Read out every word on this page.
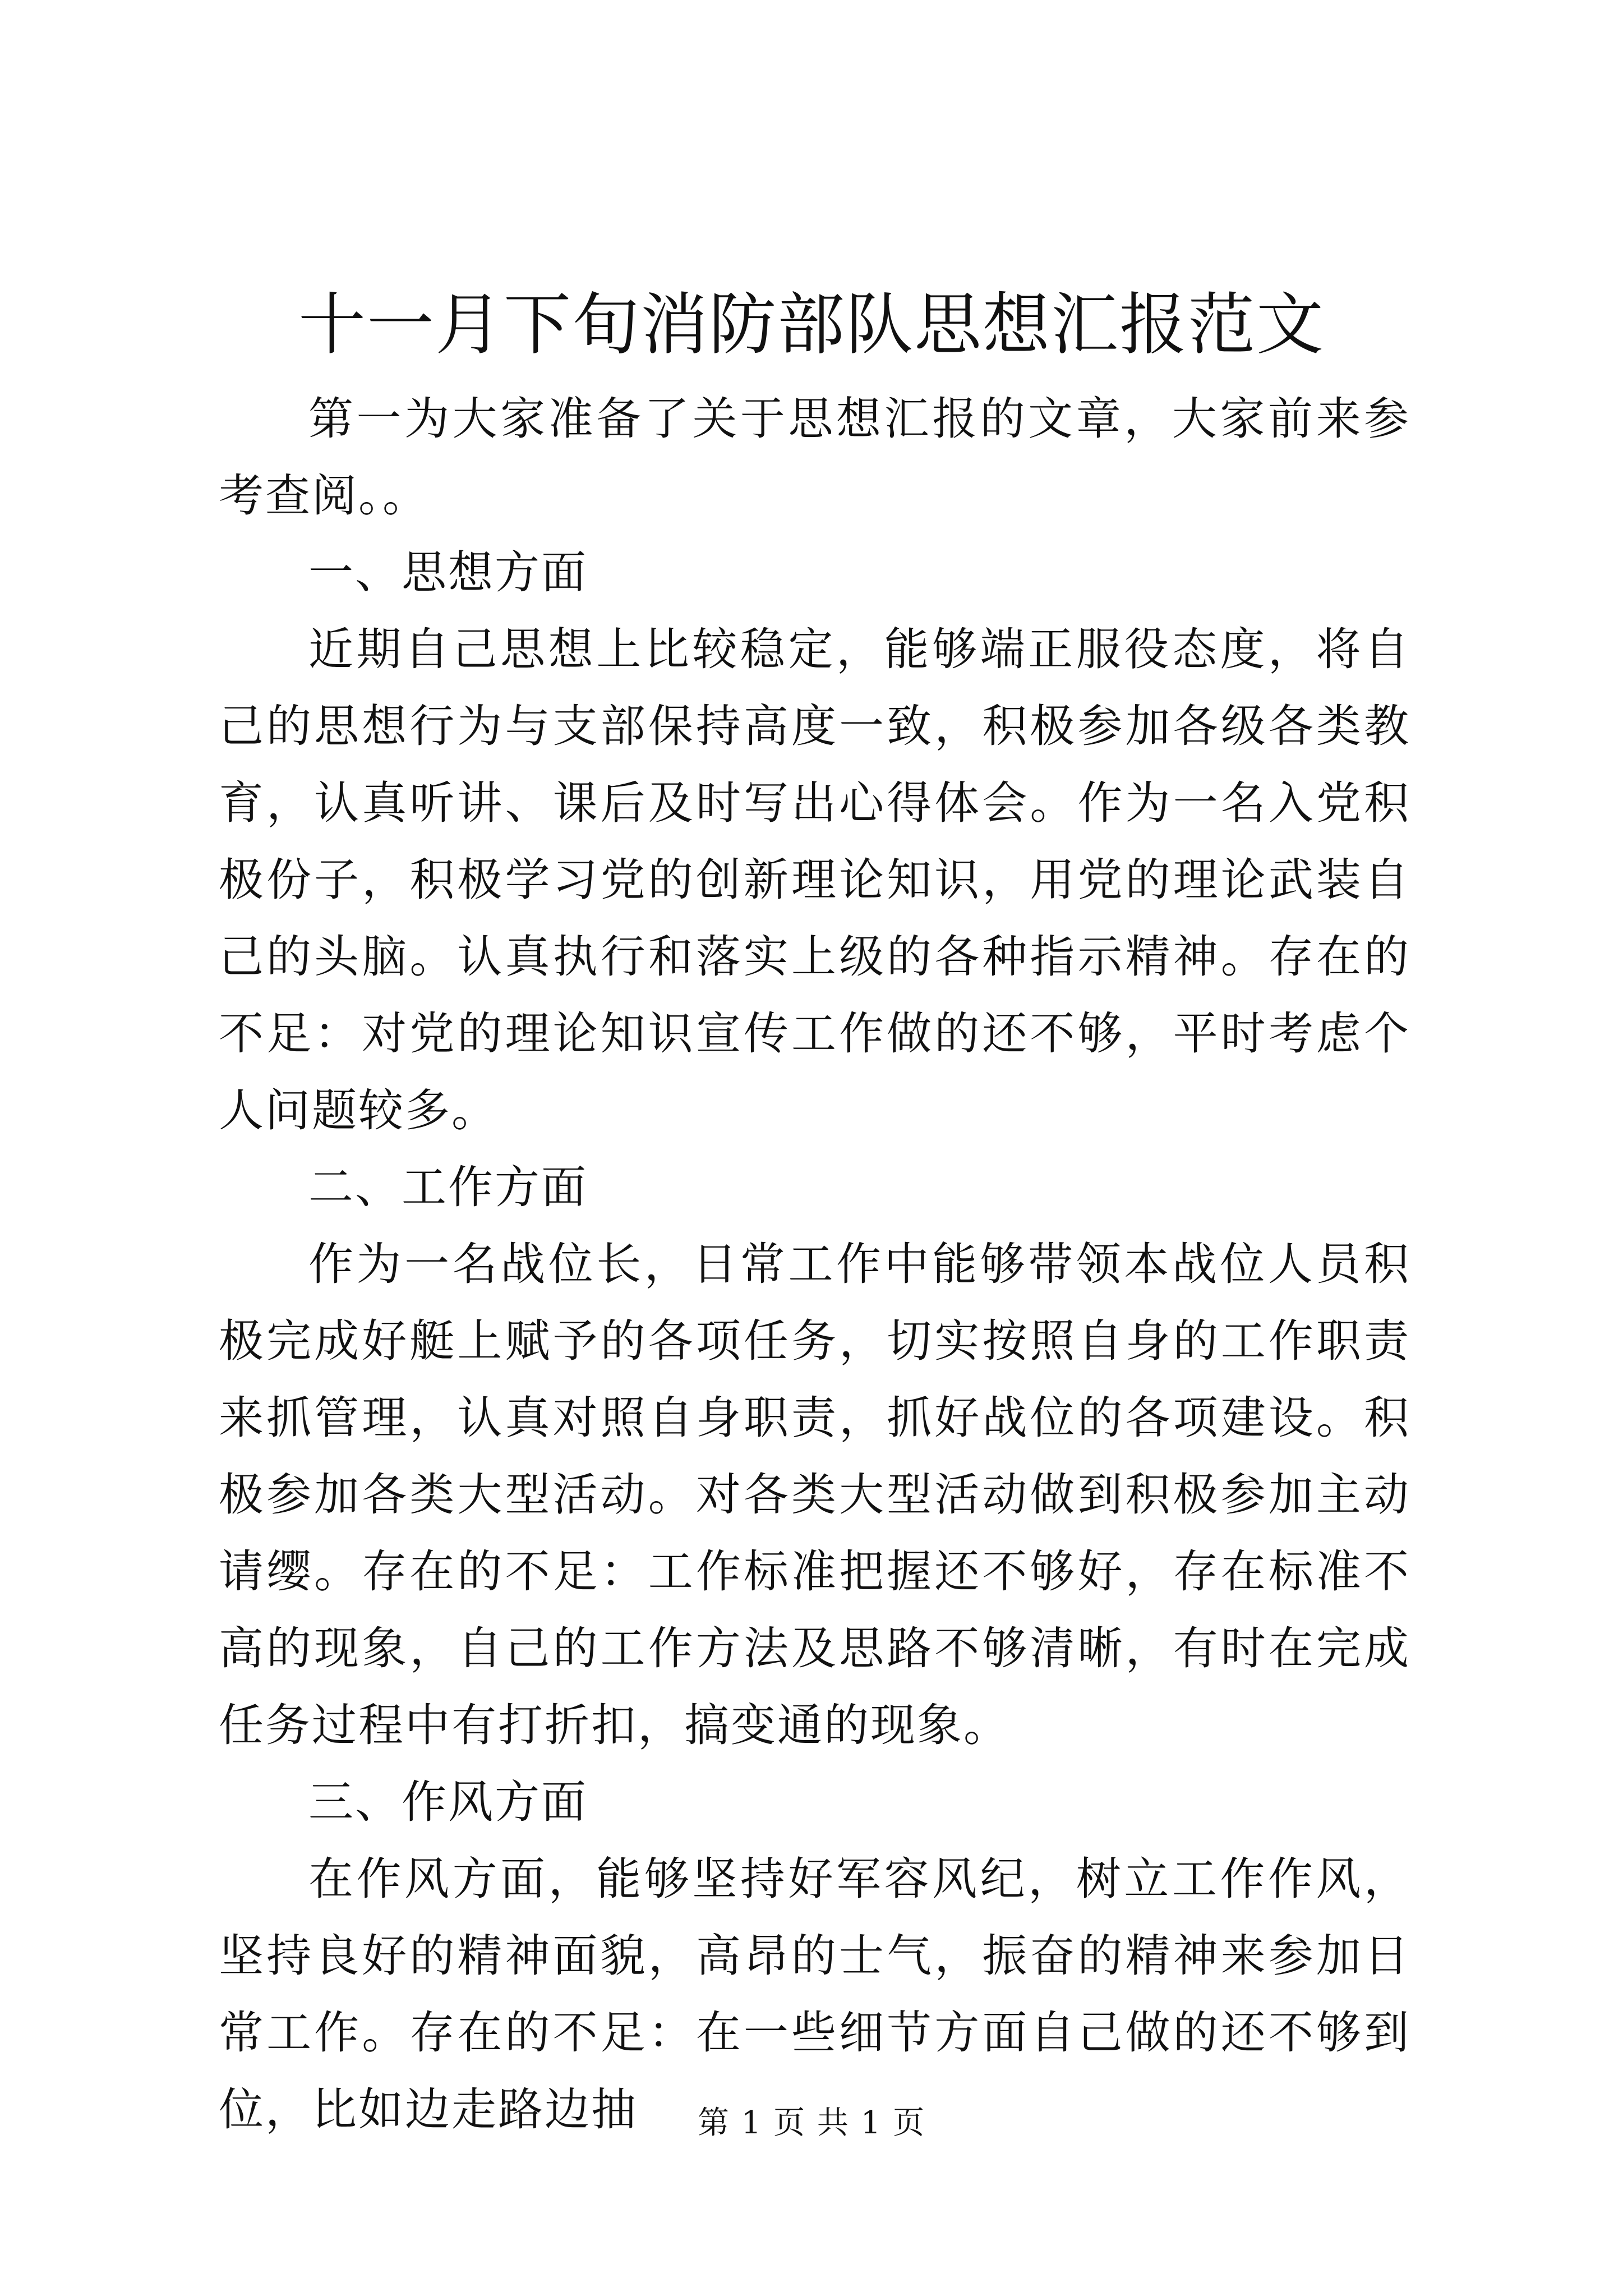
十一月下旬消防部队思想汇报范文

第一为大家准备了关于思想汇报的文章，大家前来参考查阅。。

一、思想方面

近期自己思想上比较稳定，能够端正服役态度，将自己的思想行为与支部保持高度一致，积极参加各级各类教育，认真听讲、课后及时写出心得体会。作为一名入党积极份子，积极学习党的创新理论知识，用党的理论武装自己的头脑。认真执行和落实上级的各种指示精神。存在的不足：对党的理论知识宣传工作做的还不够，平时考虑个人问题较多。

二、工作方面

作为一名战位长，日常工作中能够带领本战位人员积极完成好艇上赋予的各项任务，切实按照自身的工作职责来抓管理，认真对照自身职责，抓好战位的各项建设。积极参加各类大型活动。对各类大型活动做到积极参加主动请缨。存在的不足：工作标准把握还不够好，存在标准不高的现象，自己的工作方法及思路不够清晰，有时在完成任务过程中有打折扣，搞变通的现象。

三、作风方面

在作风方面，能够坚持好军容风纪，树立工作作风，坚持良好的精神面貌，高昂的士气，振奋的精神来参加日常工作。存在的不足：在一些细节方面自己做的还不够到位，比如边走路边抽	第 1 页 共 1 页
